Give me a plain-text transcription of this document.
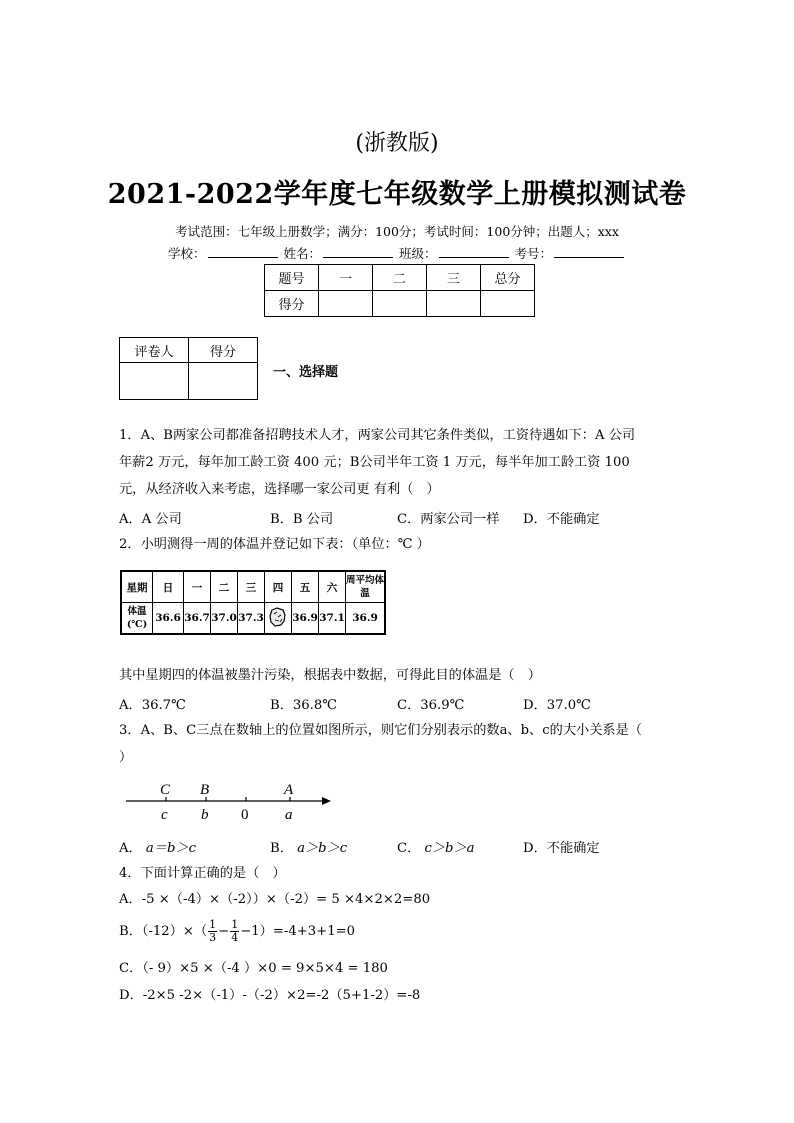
(浙教版)
2021-2022学年度七年级数学上册模拟测试卷
考试范围：七年级上册数学；满分：100分；考试时间：100分钟；出题人；xxx
学校：	姓名：	班级：	考号：
题号	一	二	三	总分
得分				
评卷人	得分

一、选择题
1．A、B两家公司都准备招聘技术人才，两家公司其它条件类似，工资待遇如下：A 公司
年薪2 万元，每年加工龄工资 400 元；B公司半年工资 1 万元，每半年加工龄工资 100
元，从经济收入来考虑，选择哪一家公司更 有利（　）
A．A 公司	B．B 公司	C．两家公司一样 D．不能确定
2．小明测得一周的体温并登记如下表：（单位：℃ ）
星期	日	一	二	三	四	五	六	周平均体温
体温(℃)	36.6	36.7	37.0	37.3		36.9	37.1	36.9
其中星期四的体温被墨汁污染，根据表中数据，可得此目的体温是（　）
A．36.7℃	B．36.8℃	C．36.9℃	D．37.0℃
3．A、B、C三点在数轴上的位置如图所示，则它们分别表示的数a、b、c的大小关系是（
）
C B	A
c b 0 a
A． a＝b＞c	B． a＞b＞c	C． c＞b＞a	D．不能确定
4．下面计算正确的是（　）
A．-5 ×（-4）×（-2））×（-2）= 5 ×4×2×2=80
B．$(-12)\times( \frac{1}{3} - \frac{1}{4} -1)=-4+3+1=0$
C．（- 9）×5 ×（-4 ）×0 = 9×5×4 = 180
D．-2×5 -2×（-1）-（-2）×2=-2（5+1-2）=-8
